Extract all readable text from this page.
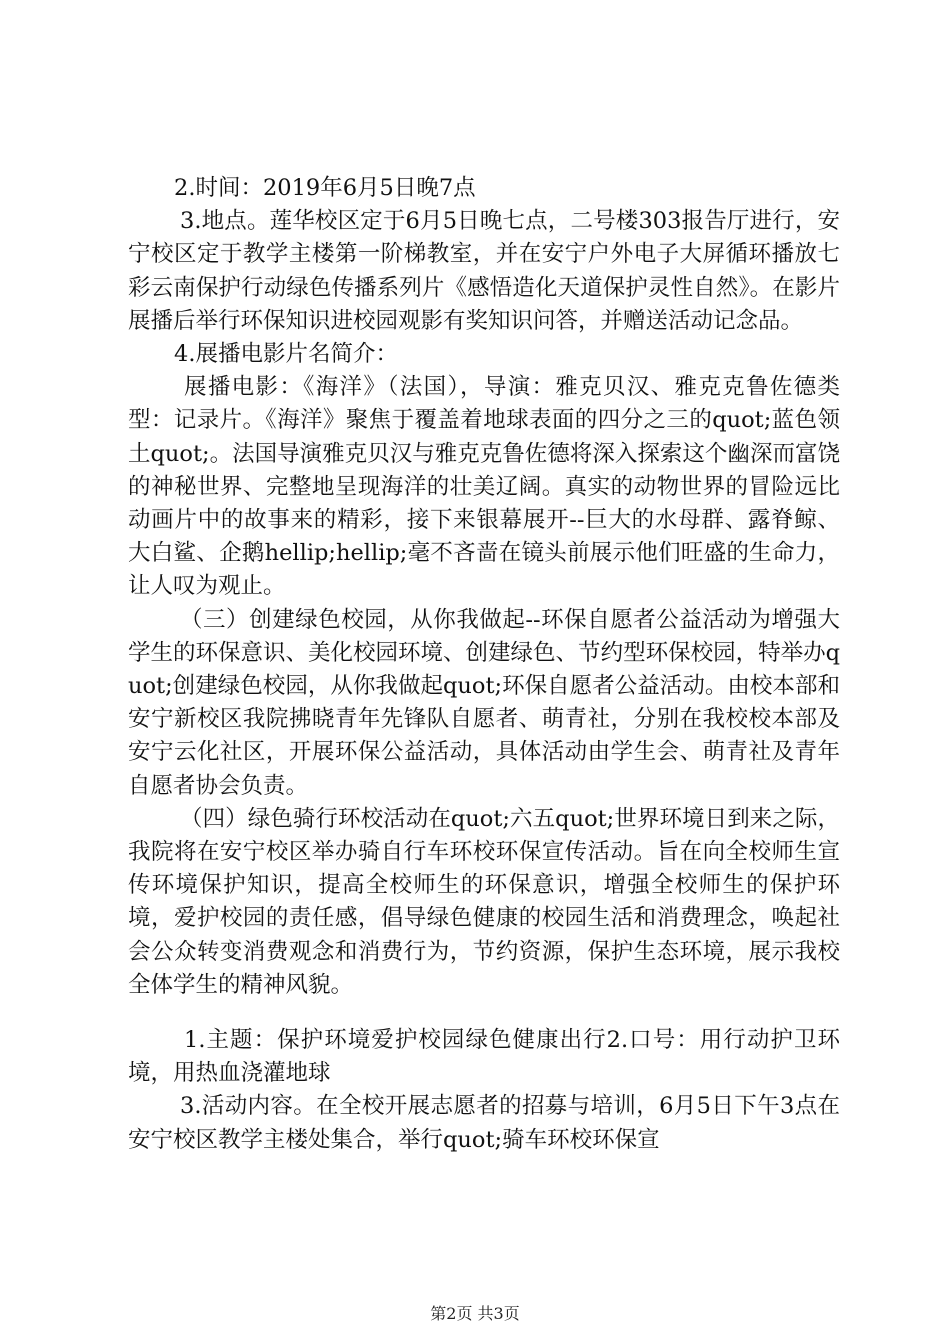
2.时间：2019年6月5日晚7点

3.地点。莲华校区定于6月5日晚七点，二号楼303报告厅进行，安宁校区定于教学主楼第一阶梯教室，并在安宁户外电子大屏循环播放七彩云南保护行动绿色传播系列片《感悟造化天道保护灵性自然》。在影片展播后举行环保知识进校园观影有奖知识问答，并赠送活动记念品。

4.展播电影片名简介：

展播电影：《海洋》（法国），导演：雅克贝汉、雅克克鲁佐德类型：记录片。《海洋》聚焦于覆盖着地球表面的四分之三的quot;蓝色领土quot;。法国导演雅克贝汉与雅克克鲁佐德将深入探索这个幽深而富饶的神秘世界、完整地呈现海洋的壮美辽阔。真实的动物世界的冒险远比动画片中的故事来的精彩，接下来银幕展开--巨大的水母群、露脊鲸、大白鲨、企鹅hellip;hellip;毫不吝啬在镜头前展示他们旺盛的生命力，让人叹为观止。

（三）创建绿色校园，从你我做起--环保自愿者公益活动为增强大学生的环保意识、美化校园环境、创建绿色、节约型环保校园，特举办quot;创建绿色校园，从你我做起quot;环保自愿者公益活动。由校本部和安宁新校区我院拂晓青年先锋队自愿者、萌青社，分别在我校校本部及安宁云化社区，开展环保公益活动，具体活动由学生会、萌青社及青年自愿者协会负责。

（四）绿色骑行环校活动在quot;六五quot;世界环境日到来之际，我院将在安宁校区举办骑自行车环校环保宣传活动。旨在向全校师生宣传环境保护知识，提高全校师生的环保意识，增强全校师生的保护环境，爱护校园的责任感，倡导绿色健康的校园生活和消费理念，唤起社会公众转变消费观念和消费行为，节约资源，保护生态环境，展示我校全体学生的精神风貌。

1.主题：保护环境爱护校园绿色健康出行2.口号：用行动护卫环境，用热血浇灌地球

3.活动内容。在全校开展志愿者的招募与培训，6月5日下午3点在安宁校区教学主楼处集合，举行quot;骑车环校环保宣

第2页 共3页
